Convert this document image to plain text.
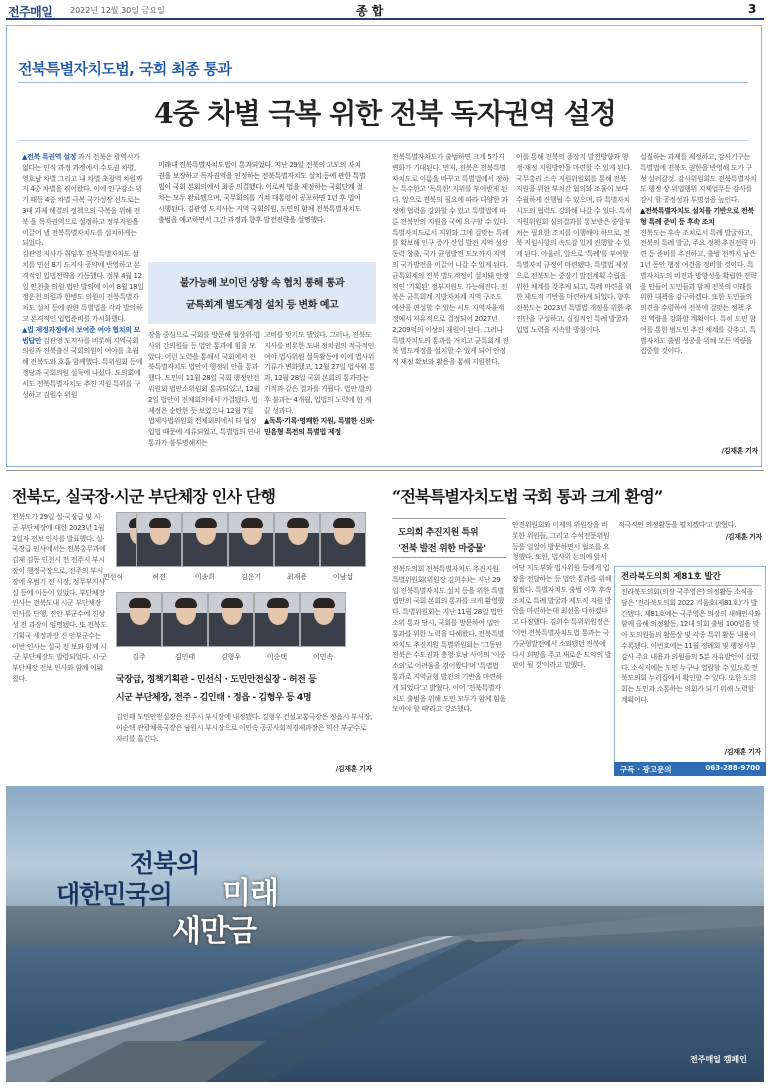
전주매일 2022년 12월 30일 금요일	종 합	3
전북특별자치도법, 국회 최종 통과
4중 차별 극복 위한 전북 독자권역 설정

▲전북 특권역 설정 과거 전북은 광역시가 없다는 인식 과정 과정에서 수도권 차별, 영호남 차별 그리고 내 차별 초광역 차원까지 4중 차별을 겪어왔다. 이에 인구감소 위기 때등 4중 차별 극복 국가성장 선도로는 3대 과제 해결의 정책으의 극복을 위해 전북 을 독자권역으로 설정하고 정부지원을 이끌어 낼 전북특별자치도를 설치하게는 되었다.

김관영 지사가 취임후 전북특별자치도 설치를 민선 8기 도지사 공약에 반영하고 본격적인 입법전략을 가동했다. 정부 4월 12일 인천출 의원 법안 발의에 이어 8월 18일 정운천 의원과 한병도 의원이 전북특별자치도 설치 등에 관한 특별법을 각각 발의하고 본격적인 입법준비를 가시화했다.

▲법 제정과정에서 보여준 여야 협치의 모범답안 김관영 도지사를 비롯해 지역국회의원과 전북출신 국회의원이 여야를 초월해 전북도와 호흡 함께했다. 특위원회 등에 정당과 국회의원 설득에 나섰다. 도의회에서도 전북특별자치도 추진 지원 특위를 구성하고 김원수 위원

미래내 전북특별자치도법이 통과되었다. 지난 29일 전북의 고도의 자치권을 보장하고 독자권역을 인정하는 전북특별자치도 설치 등에 관한 특별법이 국회 본회의에서 최종 의결됐다. 이로써 법을 제정하는 국회단계 절차는 모두 완료됐으며, 국무회의를 거쳐 대통령이 공포하면 1년 후 법이 시행된다. 김관영 도지사는 지역 국회의원, 도민의 함께 전북특별자치도 출범을 예고하면서 그간 과정과 향후 발전전략을 설명했다.
불가능해 보이던 상황 속 협치 통해 통과
균특회계 별도계정 설치 등 변화 예고
장을 중심으로 국회를 방문해 협상위·법사위 간의원들 등 법안 통과에 힘을 모았다. 이런 노력을 통해서 국회에서 전북특별자치도 법안이 행정위 안을 통과 했다. 도민이 11월 28일 국회 행정안전위원회 법안소위원회 통과되었고, 12월 2일 법안이 전체회의에서 가결됐다. 법 제정은 순탄한 듯 보였으나 12월 7일 법제사법위원회 전체회의에서 타 협정입법 때문에 계류되었고, 특별법의 연내 통과가 불투명해지는
고비를 맞기도 했었다. 그러나, 전북도지사를 비롯한 도내 정치권의 적극적인 여야 법사위원 설득활동에 이에 법사위 기류가 변화했고, 12월 27일 법사위 통과, 12월 28일 국회 본회의 통과라는 기적과 같은 결과를 거뒀다. 법안 발의 후 불과는 4개월, 입법의 노력에 한 게 끝 성과다.

▲독특·기록·명쾌한 지원, 특별한 신뢰·믿음형 특전의 특별법 제정

전북특별자치도가 출범하면 크게 5가지 변화가 기대된다. 먼저, 전북은 전북특별자치도로 이름을 바꾸고 특별법에서 정하는 특수한고 '독특한' 지위를 부여받게 된다. 앞으로 전북의 필요에 따라 다양한 과정에 협력을 강화할 수 있고 특별법에 따른 전북만의 지원을 국에 요구할 수 있다. 특별자치도로서 지위와 그에 걸맞는 특례를 확보해 인구 증가 산업 발전 지역 성장동력 창출, 국가 균형발전 도모까지 지역의 국가발전을 이끌어 나갈 수 있게 된다. 균특회계의 전북 별도계정이 설치돼 안정적인 '기획된' 정부지원도 가능해진다. 전북은 균특회계 지방자치계 지역 구조도 예산을 편성할 수 있는 시도 지역자율계정에서 자유적으로 결정되어 2027년 2,209억의 이상의 재원이 된다. 그러나 특별자치도의 통과를 거치고 균특회계 전북 별도계정을 설치할 수 있게 되어 안정적 재정 확보와 활용을 통해 지원한다.
이를 통해 전북의 증장기 발전방향과 행정·재정 지원방안을 마련할 수 있게 된다. 국무총리 소속 지원위원회를 통해 전북 지원을 위한 부처간 협의와 조율이 보다 수월하게 진행될 수 있으며, 타 특별자치시도의 협력도 강화해 나갈 수 있다. 특히 지원위원회 심의결과를 통보받은 중앙부처는 필요한 조치를 이행해야 하므로, 전북 지원사항의 속도감 있게 진행할 수 있게 된다. 아울러, 앞으로 '특례'를 부여할 특별자치 규정이 마련됐다. 특별법 제정으로 전북도는 중장기 발전계획 수립을 위한 체계를 갖추게 되고, 특례 마련을 위한 제도적 기반을 마련하게 되었다. 향후 전북도는 2023년 특별법 개정을 위한 추진단을 구성하고, 실질적인 특례 발굴과 입법 노력을 지속할 방침이다.
실질하는 과제를 제정하고, 감사기구는 특별법에 전북도 권한을 반영해 도가 구성 살려갈것. 감사위원회도 전북특별자치도 행정 상 위법행위 지체업무등 감사를 감시 할 공정성과 투명성을 높인다.

▲전북특별자치도 설치를 기반으로 전북형 특례 준비 등 후속 조치

전북도는 후속 조치로서 특례 발굴하고, 전북의 특례 발굴, 주요 정책 추진전략 마련 등 준비를 추진하고, 출범 전까지 남은 1년 동안 행정 여건을 정비할 것이다. 특별자치도의 비전과 방향성을 확립한 전략을 만들어 도민들과 함께 전북의 미래를 위한 대책을 강구하겠다. 또한 도민들의 의견을 수렴하여 전북에 걸맞는 정책 추진 역량을 강화할 계획이다. 특히 도민 참여를 통한 범도민 추진 체계를 갖추고, 특별자치도 출범 성공을 위해 모든 역량을 집중할 것이다.
/김재훈 기자
전북도, 실국장·시군 부단체장 인사 단행
전북도가 29일 실·국장급 및 시·군 부단체장에 대한 2023년 1월 2일자 전보 인사를 발표했다. 실·국장급 인사에서는 전북총무과에 김제 김동 인천시 전 전주시 부시장이 행정국장으로, 전주의 부시장에 우범기 전 시장, 정무부지사실 등에 이동이 있었다. 부단체장 인사는 전북도내 시군 부단체장 인사를 단행, 진안 부군수에 진상성 전 과장이 임명됐다. 또 전북도 기획국 세정과장 진 안부군수는 이번 인사는 실국 전 보와 함께 시·군 부단체장도 발령되었다. 시·군 부단체장 전보 인사와 함께 이뤄졌다.
민선식	허전	이송희	김운기	최재용	이남섭
김주	김민태	김형우	이순택	이민속
국장급, 정책기획관 - 민선식 · 도민안전실장 - 허전 등
시군 부단체장, 전주 - 김인태 · 정읍 - 김형우 등 4명
김인태 도민안전실장은 전주시 부시장에 내정됐다. 김형우 건설교통국장은 정읍시 부시장, 이순택 관광체육국장은 남원시 부시장으로 이민속 공공사회적경제과장은 익산 부군수로 자리를 옮긴다.
/김재훈 기자
“전북특별자치도법 국회 통과 크게 환영”
도의회 추진지원 특위
'전북 발전 위한 마중물'
전북도의회 전북특별자치도 추진지원 특별위원회(위원장 김희수)는 지난 29일 전북특별자치도 설치 등을 위한 특별법안의 국회 본회의 통과를 크게 환영했다. 특별위원회는 지난 11월 28일 법안 소위 통과 당시, 국회를 방문하여 법안 통과를 위한 노력을 다해왔다. 전북특별자치도 추진지원 특별위원회는 '그동안 전북은 수도권과 충청·호남 사이의 '이중 소외'로 어려움을 겪어왔다'며 '특별법 통과로 지역균형 발전의 기반을 마련하게 되었다'고 밝혔다. 이어 '전북특별자치도 출범을 위해 도민 모두가 함께 힘을 모아야 할 때'라고 강조했다.
안전위원회와 이제의 위원장을 비롯한 위원들, 그리고 수석전문위원 등을 일일이 방문하면서 협조를 요청했다. 또한, 법사위 논의에 앞서 여당 지도부와 법사위원 등에게 입장을 전달하는 등 법안 통과를 위해 힘썼다. 특별자치도 출범 이후 후속 조치로 특례 발굴과 제도적 지원 방안을 마련하는데 최선을 다하겠다고 다짐했다. 김희수 특위위원장은 '이번 전북특별자치도법 통과는 국가균형발전에서 소외됐던 전북에 다시 희망을 주고 새로운 도약의 발판이 될 것'이라고 말했다.
적극적인 의정활동을 펼치겠다'고 밝혔다.
/김재훈 기자
전라북도의회 제81호 발간
전라북도의회(의장 국주영은) 의정활동 소식을 담은 '전라북도의회 2022 겨울호(제81호)'가 발간됐다. 제81호에는 국주영은 의장의 새해인사와 함께 올해 의정활동, 12대 의회 출범 100일을 맞아 도의원들의 활동상 및 각종 특위 활동 내용이 수록됐다. 이번호에는 11월 정례회 및 행정사무감사 주요 내용과 의원들의 5분 자유발언이 실렸다. 소식지에는 도민 누구나 열람할 수 있도록 전북도의회 누리집에서 확인할 수 있다. 또한 도의회는 도민과 소통하는 의회가 되기 위해 노력할 계획이다.
/김재훈 기자
구독 · 광고문의	063-288-9700
전북의
대한민국의 미래
새만금
전주매일 캠페인
